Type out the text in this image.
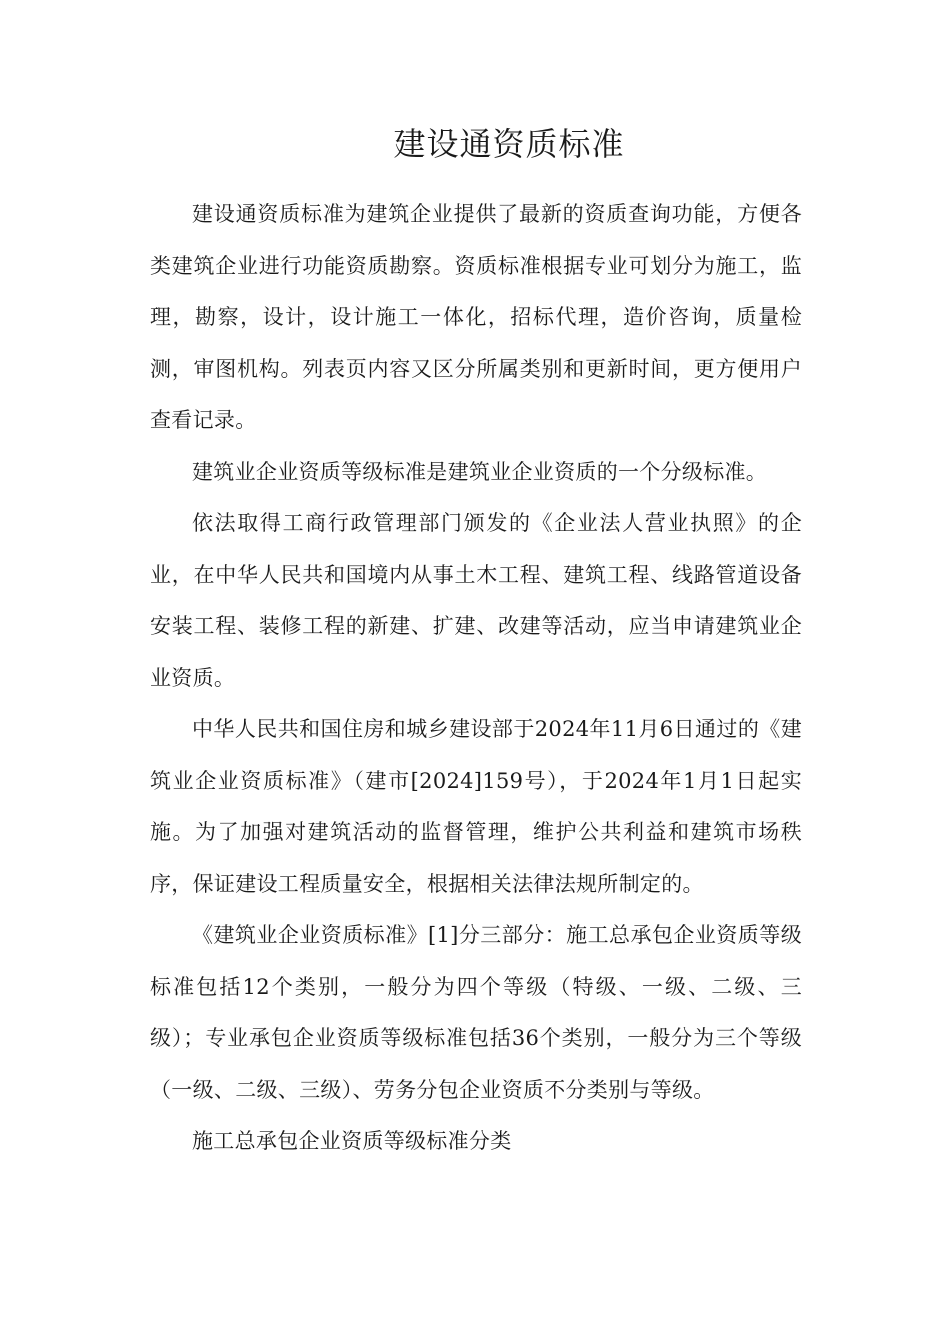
建设通资质标准

建设通资质标准为建筑企业提供了最新的资质查询功能，方便各类建筑企业进行功能资质勘察。资质标准根据专业可划分为施工，监理，勘察，设计，设计施工一体化，招标代理，造价咨询，质量检测，审图机构。列表页内容又区分所属类别和更新时间，更方便用户查看记录。

建筑业企业资质等级标准是建筑业企业资质的一个分级标准。

依法取得工商行政管理部门颁发的《企业法人营业执照》的企业，在中华人民共和国境内从事土木工程、建筑工程、线路管道设备安装工程、装修工程的新建、扩建、改建等活动，应当申请建筑业企业资质。

中华人民共和国住房和城乡建设部于2024年11月6日通过的《建筑业企业资质标准》（建市[2024]159号），于2024年1月1日起实施。为了加强对建筑活动的监督管理，维护公共利益和建筑市场秩序，保证建设工程质量安全，根据相关法律法规所制定的。

《建筑业企业资质标准》[1]分三部分：施工总承包企业资质等级标准包括12个类别，一般分为四个等级（特级、一级、二级、三级）；专业承包企业资质等级标准包括36个类别，一般分为三个等级（一级、二级、三级）、劳务分包企业资质不分类别与等级。

施工总承包企业资质等级标准分类
